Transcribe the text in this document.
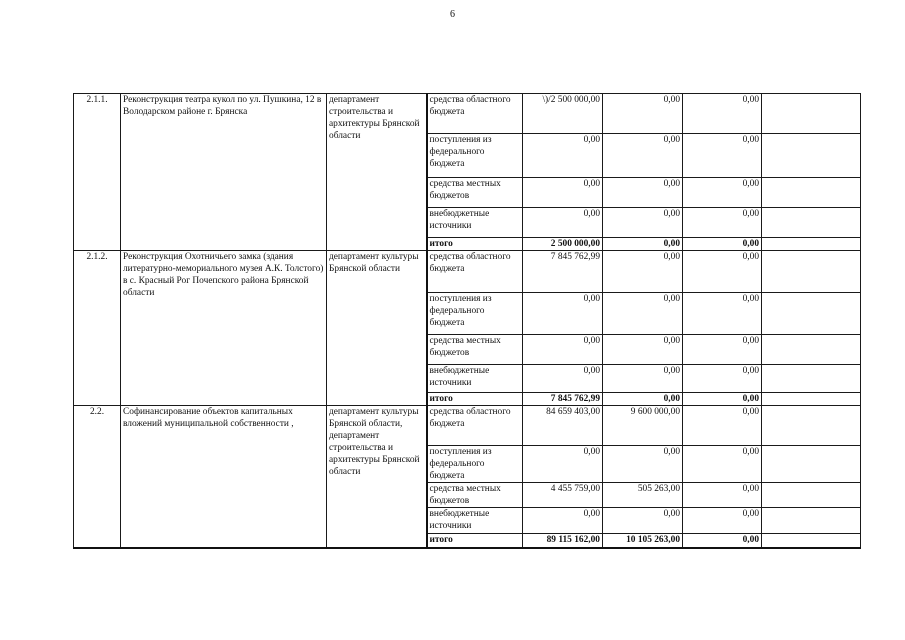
6
2.1.1.	Реконструкция театра кукол по ул. Пушкина, 12 в Володарском районе г. Брянска	департамент строительства и архитектуры Брянской области	средства областного бюджета	\)/2 500 000,00	0,00	0,00	
			поступления из федерального бюджета	0,00	0,00	0,00	
			средства местных бюджетов	0,00	0,00	0,00	
			внебюджетные источники	0,00	0,00	0,00	
			итого	2 500 000,00	0,00	0,00	
2.1.2.	Реконструкция Охотничьего замка (здания литературно-мемориального музея А.К. Толстого) в с. Красный Рог Почепского района Брянской области	департамент культуры Брянской области	средства областного бюджета	7 845 762,99	0,00	0,00	
			поступления из федерального бюджета	0,00	0,00	0,00	
			средства местных бюджетов	0,00	0,00	0,00	
			внебюджетные источники	0,00	0,00	0,00	
			итого	7 845 762,99	0,00	0,00	
2.2.	Софинансирование объектов капитальных вложений муниципальной собственности ,	департамент культуры Брянской области, департамент строительства и архитектуры Брянской области	средства областного бюджета	84 659 403,00	9 600 000,00	0,00	
			поступления из федерального бюджета	0,00	0,00	0,00	
			средства местных бюджетов	4 455 759,00	505 263,00	0,00	
			внебюджетные источники	0,00	0,00	0,00	
			итого	89 115 162,00	10 105 263,00	0,00	
